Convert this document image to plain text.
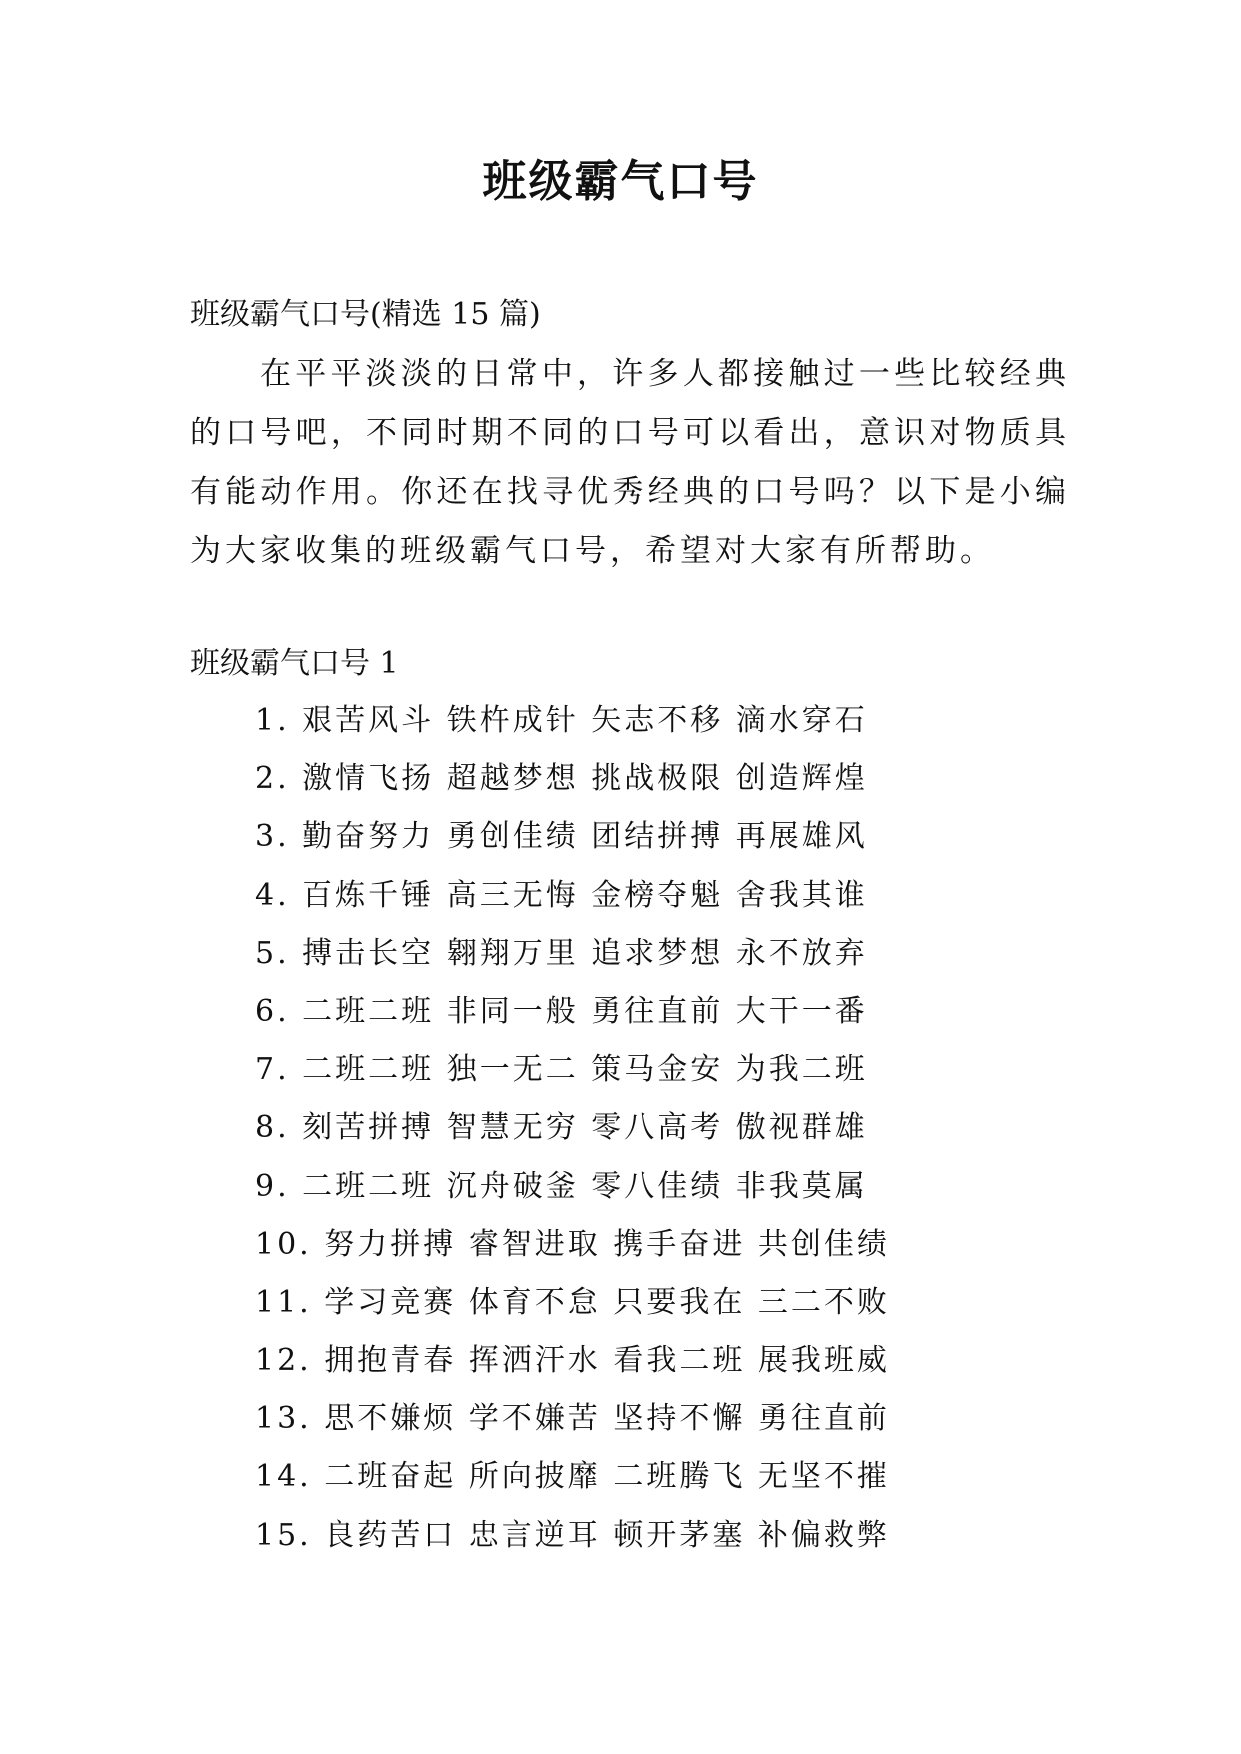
班级霸气口号
班级霸气口号(精选 15 篇)
在平平淡淡的日常中，许多人都接触过一些比较经典的口号吧，不同时期不同的口号可以看出，意识对物质具有能动作用。你还在找寻优秀经典的口号吗？以下是小编为大家收集的班级霸气口号，希望对大家有所帮助。
班级霸气口号 1
1. 艰苦风斗 铁杵成针 矢志不移 滴水穿石
2. 激情飞扬 超越梦想 挑战极限 创造辉煌
3. 勤奋努力 勇创佳绩 团结拼搏 再展雄风
4. 百炼千锤 高三无悔 金榜夺魁 舍我其谁
5. 搏击长空 翱翔万里 追求梦想 永不放弃
6. 二班二班 非同一般 勇往直前 大干一番
7. 二班二班 独一无二 策马金安 为我二班
8. 刻苦拼搏 智慧无穷 零八高考 傲视群雄
9. 二班二班 沉舟破釜 零八佳绩 非我莫属
10. 努力拼搏 睿智进取 携手奋进 共创佳绩
11. 学习竞赛 体育不怠 只要我在 三二不败
12. 拥抱青春 挥洒汗水 看我二班 展我班威
13. 思不嫌烦 学不嫌苦 坚持不懈 勇往直前
14. 二班奋起 所向披靡 二班腾飞 无坚不摧
15. 良药苦口 忠言逆耳 顿开茅塞 补偏救弊
